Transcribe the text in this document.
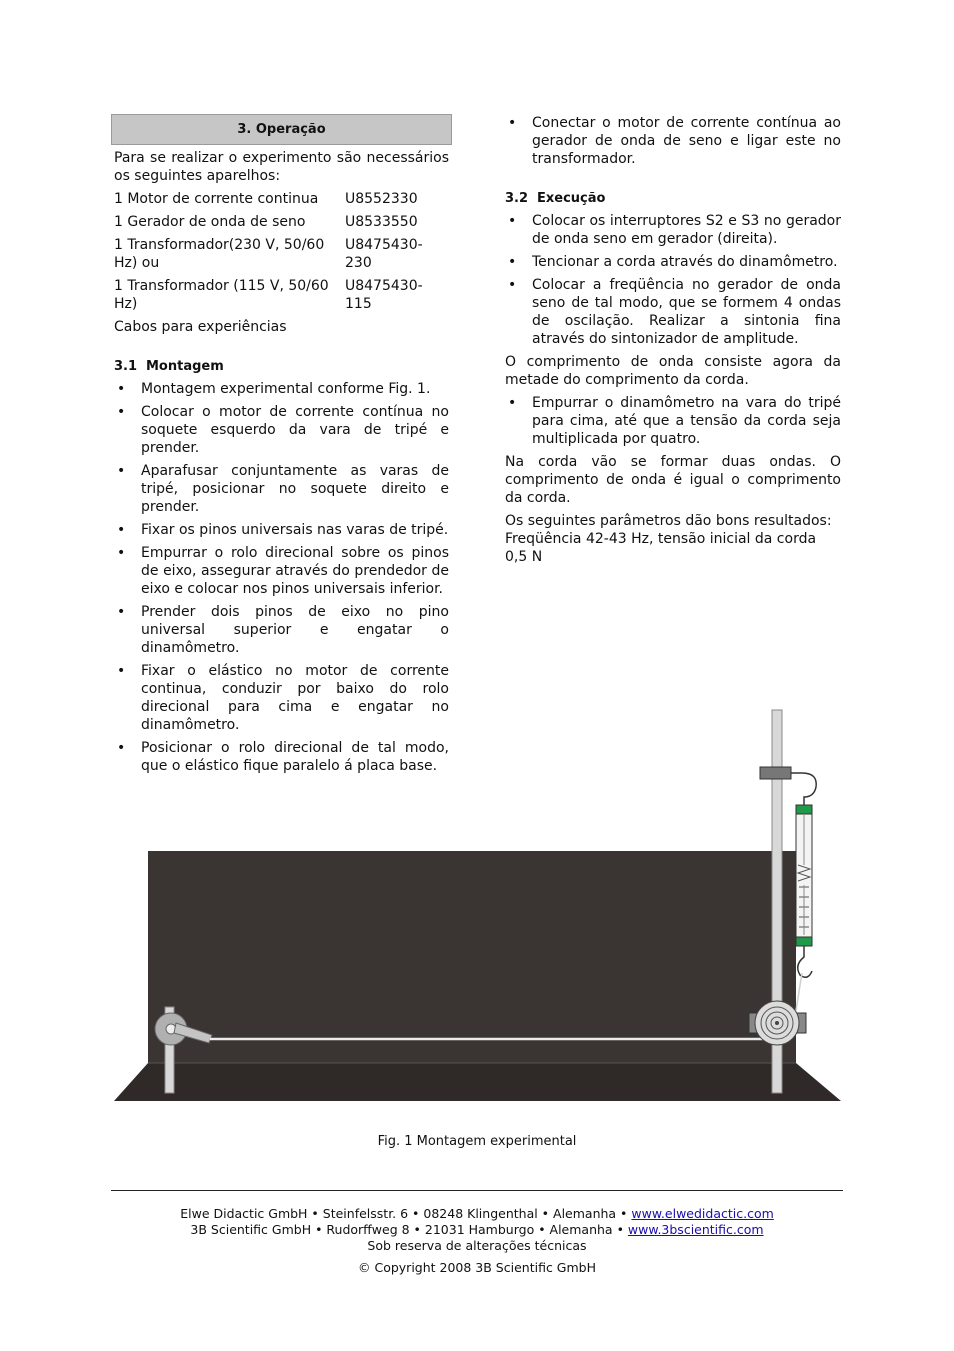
3. Operação

Para se realizar o experimento são necessários os seguintes aparelhos:

1 Motor de corrente continua	U8552330
1 Gerador de onda de seno	U8533550
1 Transformador(230 V, 50/60 Hz) ou	U8475430-230
1 Transformador (115 V, 50/60 Hz)	U8475430-115

Cabos para experiências

3.1 Montagem
• Montagem experimental conforme Fig. 1.
• Colocar o motor de corrente contínua no soquete esquerdo da vara de tripé e prender.
• Aparafusar conjuntamente as varas de tripé, posicionar no soquete direito e prender.
• Fixar os pinos universais nas varas de tripé.
• Empurrar o rolo direcional sobre os pinos de eixo, assegurar através do prendedor de eixo e colocar nos pinos universais inferior.
• Prender dois pinos de eixo no pino universal superior e engatar o dinamômetro.
• Fixar o elástico no motor de corrente continua, conduzir por baixo do rolo direcional para cima e engatar no dinamômetro.
• Posicionar o rolo direcional de tal modo, que o elástico fique paralelo á placa base.
• Conectar o motor de corrente contínua ao gerador de onda de seno e ligar este no transformador.
3.2 Execução
• Colocar os interruptores S2 e S3 no gerador de onda seno em gerador (direita).
• Tencionar a corda através do dinamômetro.
• Colocar a freqüência no gerador de onda seno de tal modo, que se formem 4 ondas de oscilação. Realizar a sintonia fina através do sintonizador de amplitude.

O comprimento de onda consiste agora da metade do comprimento da corda.

• Empurrar o dinamômetro na vara do tripé para cima, até que a tensão da corda seja multiplicada por quatro.

Na corda vão se formar duas ondas. O comprimento de onda é igual o comprimento da corda.

Os seguintes parâmetros dão bons resultados:
Freqüência 42-43 Hz, tensão inicial da corda 0,5 N

Fig. 1 Montagem experimental
Elwe Didactic GmbH • Steinfelsstr. 6 • 08248 Klingenthal • Alemanha • www.elwedidactic.com
3B Scientific GmbH • Rudorffweg 8 • 21031 Hamburgo • Alemanha • www.3bscientific.com
Sob reserva de alterações técnicas
© Copyright 2008 3B Scientific GmbH
